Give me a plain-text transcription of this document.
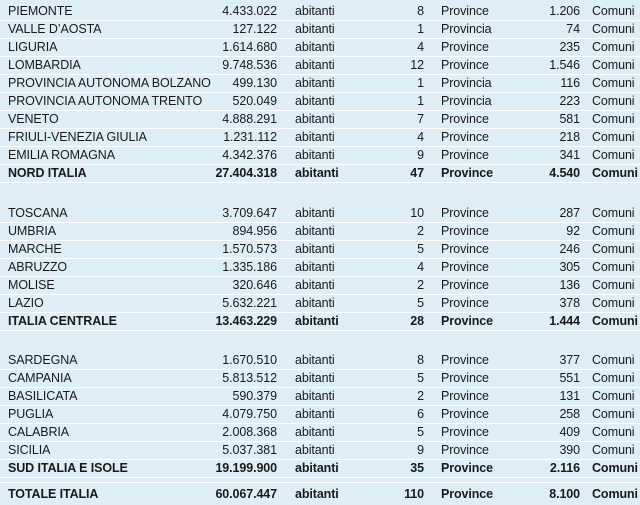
PIEMONTE	4.433.022 abitanti	8 Province	1.206 Comuni
VALLE D’AOSTA	127.122 abitanti	1 Provincia	74 Comuni
LIGURIA	1.614.680 abitanti	4 Province	235 Comuni
LOMBARDIA	9.748.536 abitanti	12 Province	1.546 Comuni
PROVINCIA AUTONOMA BOLZANO 499.130 abitanti	1 Provincia	116 Comuni
PROVINCIA AUTONOMA TRENTO 520.049 abitanti	1 Provincia	223 Comuni
VENETO	4.888.291 abitanti	7 Province	581 Comuni
FRIULI-VENEZIA GIULIA	1.231.112 abitanti	4 Province	218 Comuni
EMILIA ROMAGNA	4.342.376 abitanti	9 Province	341 Comuni
NORD ITALIA	27.404.318 abitanti	47 Province	4.540 Comuni
TOSCANA	3.709.647 abitanti	10 Province	287 Comuni
UMBRIA	894.956 abitanti	2 Province	92 Comuni
MARCHE	1.570.573 abitanti	5 Province	246 Comuni
ABRUZZO	1.335.186 abitanti	4 Province	305 Comuni
MOLISE	320.646 abitanti	2 Province	136 Comuni
LAZIO	5.632.221 abitanti	5 Province	378 Comuni
ITALIA CENTRALE	13.463.229 abitanti	28 Province	1.444 Comuni
SARDEGNA	1.670.510 abitanti	8 Province	377 Comuni
CAMPANIA	5.813.512 abitanti	5 Province	551 Comuni
BASILICATA	590.379 abitanti	2 Province	131 Comuni
PUGLIA	4.079.750 abitanti	6 Province	258 Comuni
CALABRIA	2.008.368 abitanti	5 Province	409 Comuni
SICILIA	5.037.381 abitanti	9 Province	390 Comuni
SUD ITALIA E ISOLE	19.199.900 abitanti	35 Province	2.116 Comuni
TOTALE ITALIA	60.067.447 abitanti	110 Province	8.100 Comuni
